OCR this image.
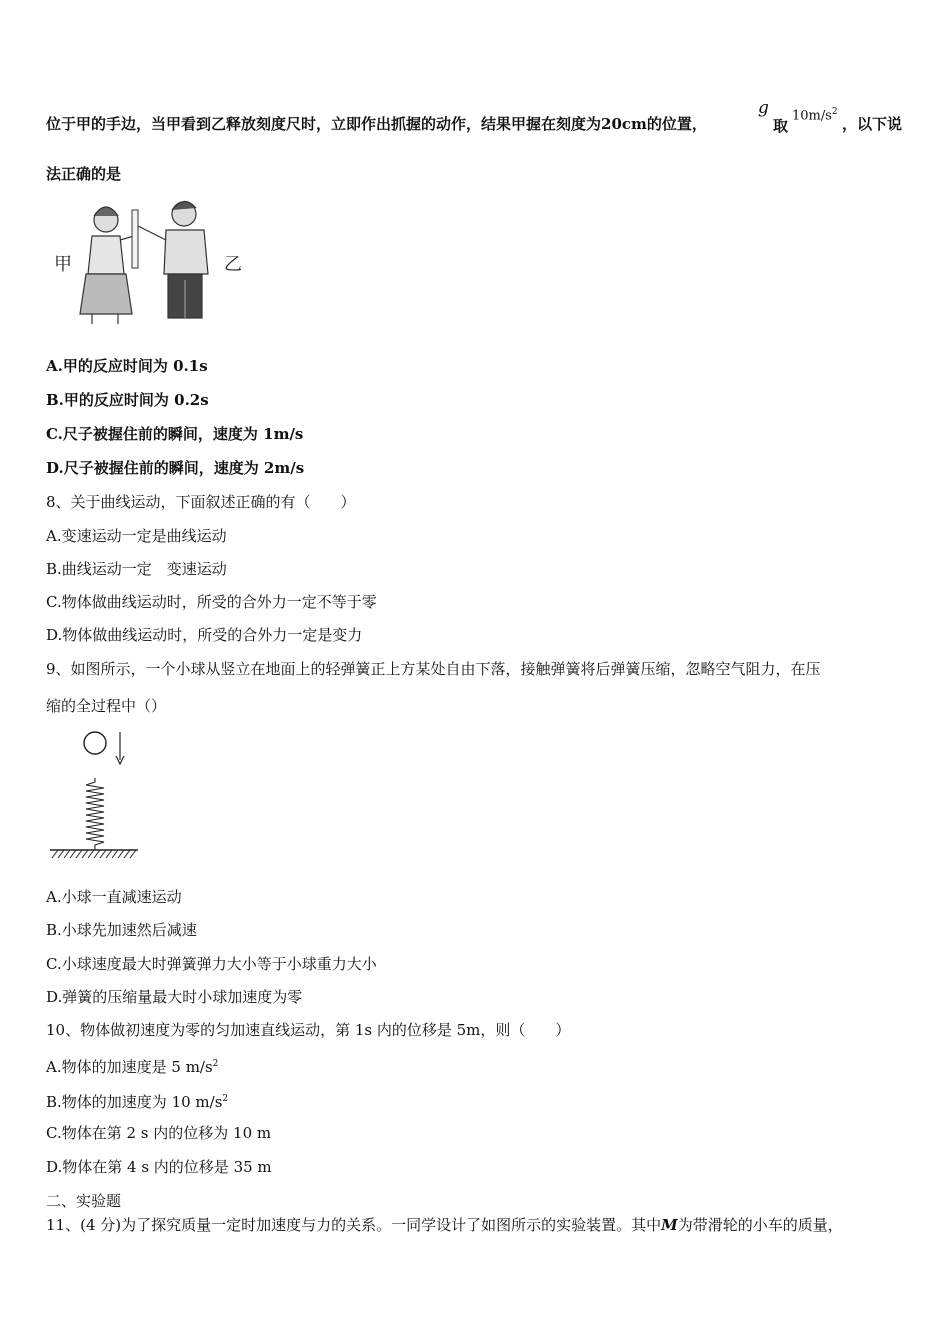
位于甲的手边，当甲看到乙释放刻度尺时，立即作出抓握的动作，结果甲握在刻度为20cm的位置，
g
取
$10m/s^2$
，以下说
法正确的是
甲	乙
A.甲的反应时间为 0.1s
B.甲的反应时间为 0.2s
C.尺子被握住前的瞬间，速度为 1m/s
D.尺子被握住前的瞬间，速度为 2m/s
8、关于曲线运动，下面叙述正确的有（　　）
A.变速运动一定是曲线运动
B.曲线运动一定　变速运动
C.物体做曲线运动时，所受的合外力一定不等于零
D.物体做曲线运动时，所受的合外力一定是变力
9、如图所示，一个小球从竖立在地面上的轻弹簧正上方某处自由下落，接触弹簧将后弹簧压缩，忽略空气阻力，在压
缩的全过程中（）
A.小球一直减速运动
B.小球先加速然后减速
C.小球速度最大时弹簧弹力大小等于小球重力大小
D.弹簧的压缩量最大时小球加速度为零
10、物体做初速度为零的匀加速直线运动，第 1s 内的位移是 5m，则（　　）
A.物体的加速度是 5 $m/s^2$
B.物体的加速度为 10 $m/s^2$
C.物体在第 2 s 内的位移为 10 m
D.物体在第 4 s 内的位移是 35 m
二、实验题
11、(4 分)为了探究质量一定时加速度与力的关系。一同学设计了如图所示的实验装置。其中M为带滑轮的小车的质量，
